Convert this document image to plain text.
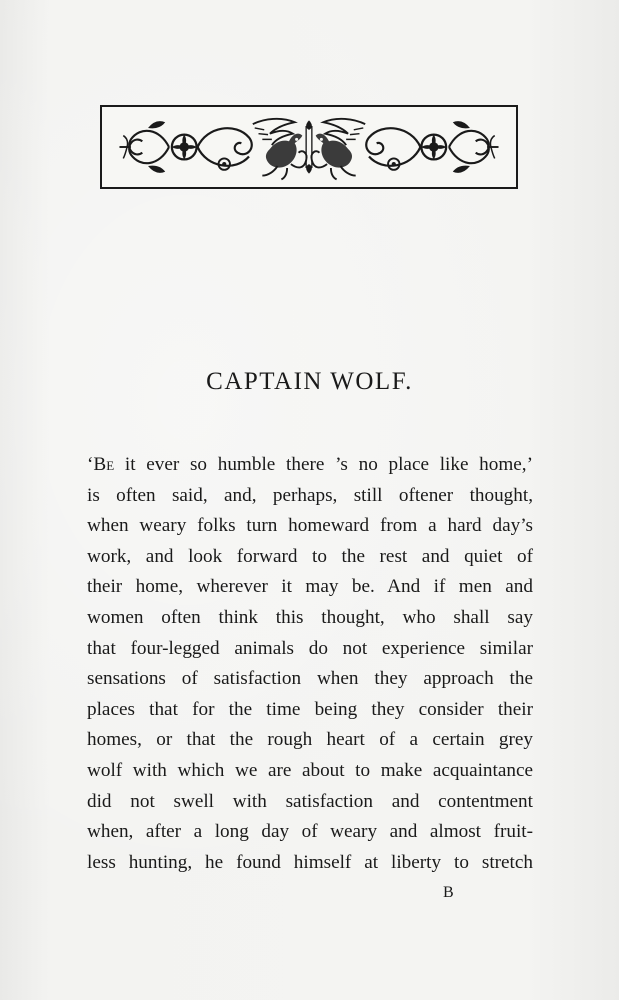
CAPTAIN WOLF.
‘Be it ever so humble there ’s no place like home,’
is often said, and, perhaps, still oftener thought,
when weary folks turn homeward from a hard day’s
work, and look forward to the rest and quiet of
their home, wherever it may be. And if men and
women often think this thought, who shall say
that four-legged animals do not experience similar
sensations of satisfaction when they approach the
places that for the time being they consider their
homes, or that the rough heart of a certain grey
wolf with which we are about to make acquaintance
did not swell with satisfaction and contentment
when, after a long day of weary and almost fruit-
less hunting, he found himself at liberty to stretch
B
